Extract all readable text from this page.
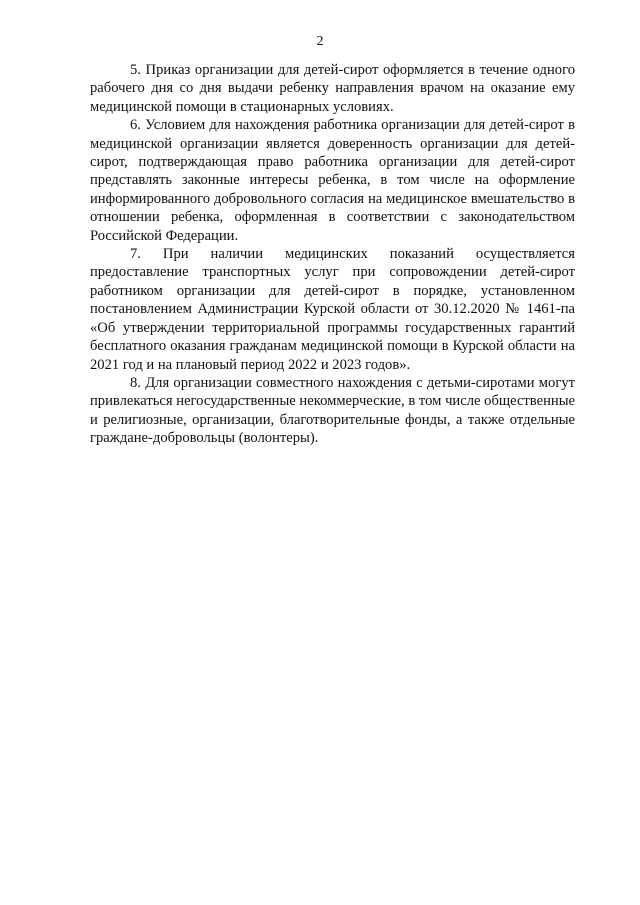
2

5. Приказ организации для детей-сирот оформляется в течение одного рабочего дня со дня выдачи ребенку направления врачом на оказание ему медицинской помощи в стационарных условиях.

6. Условием для нахождения работника организации для детей-сирот в медицинской организации является доверенность организации для детей-сирот, подтверждающая право работника организации для детей-сирот представлять законные интересы ребенка, в том числе на оформление информированного добровольного согласия на медицинское вмешательство в отношении ребенка, оформленная в соответствии с законодательством Российской Федерации.

7. При наличии медицинских показаний осуществляется предоставление транспортных услуг при сопровождении детей-сирот работником организации для детей-сирот в порядке, установленном постановлением Администрации Курской области от 30.12.2020 № 1461-па «Об утверждении территориальной программы государственных гарантий бесплатного оказания гражданам медицинской помощи в Курской области на 2021 год и на плановый период 2022 и 2023 годов».

8. Для организации совместного нахождения с детьми-сиротами могут привлекаться негосударственные некоммерческие, в том числе общественные и религиозные, организации, благотворительные фонды, а также отдельные граждане-добровольцы (волонтеры).
